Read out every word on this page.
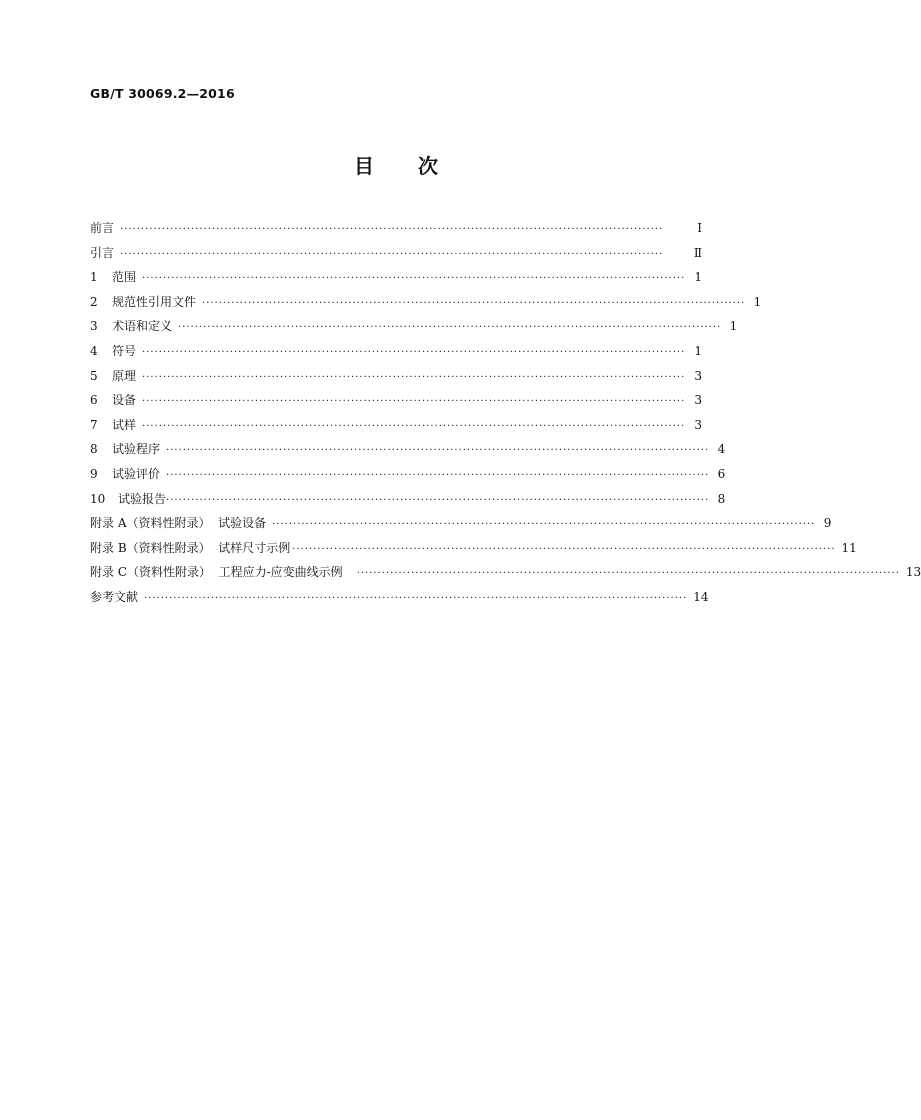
GB/T 30069.2—2016
目 次
前言 ··································································································································	Ⅰ
引言 ··································································································································	Ⅱ
1	范围 ·································································································································· 1
2	规范性引用文件 ·································································································································· 1
3	术语和定义 ·································································································································· 1
4	符号 ·································································································································· 1
5	原理 ·································································································································· 3
6	设备 ·································································································································· 3
7	试样 ·································································································································· 3
8	试验程序 ·································································································································· 4
9	试验评价 ·································································································································· 6
10	试验报告 ·································································································································· 8
附录 A（资料性附录）  试验设备 ·································································································································· 9
附录 B（资料性附录）  试样尺寸示例 ·································································································································· 11
附录 C（资料性附录）  工程应力-应变曲线示例 ·································································································································· 13
参考文献 ·································································································································· 14
